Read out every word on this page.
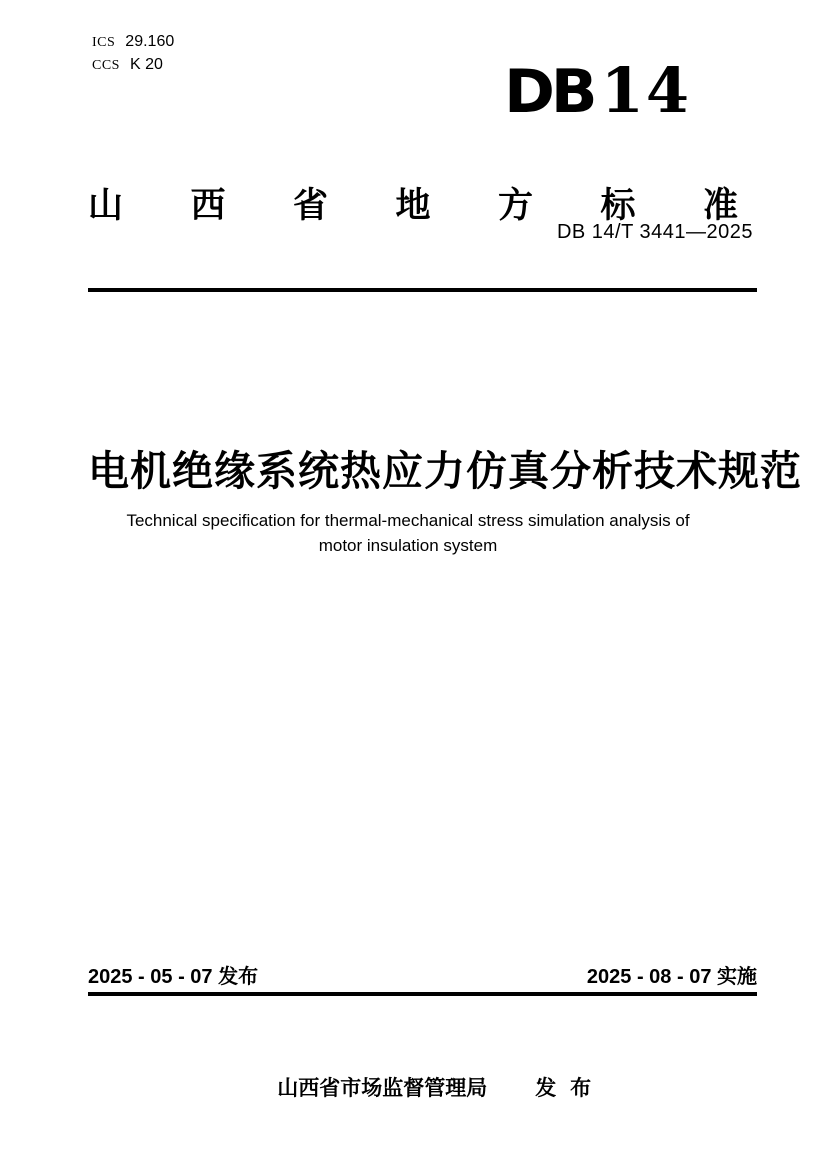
ICS 29.160
CCS K 20	DB 14
山西省地方标准
DB 14/T 3441—2025
电机绝缘系统热应力仿真分析技术规范
Technical specification for thermal-mechanical stress simulation analysis of
motor insulation system
2025 - 05 - 07 发布	2025 - 08 - 07 实施

山西省市场监督管理局 发 布
